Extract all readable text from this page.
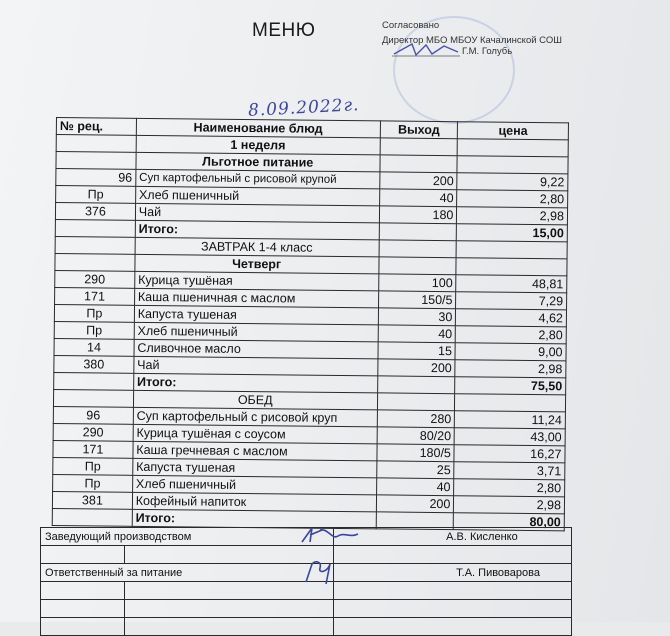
МЕНЮ	Согласовано
Директор МБО МБОУ Качалинской СОШ
Г.М. Голубь
8.09.2022г.
№ рец.	Наименование блюд	Выход	цена
	1 неделя		
	Льготное питание		
96	Суп картофельный с рисовой крупой	200	9,22
Пр	Хлеб пшеничный	40	2,80
376	Чай	180	2,98
	Итого:		15,00
	ЗАВТРАК 1-4 класс		
	Четверг		
290	Курица тушёная	100	48,81
171	Каша пшеничная с маслом	150/5	7,29
Пр	Капуста тушеная	30	4,62
Пр	Хлеб пшеничный	40	2,80
14	Сливочное масло	15	9,00
380	Чай	200	2,98
	Итого:		75,50
	ОБЕД		
96	Суп картофельный с рисовой круп	280	11,24
290	Курица тушёная с соусом	80/20	43,00
171	Каша гречневая с маслом	180/5	16,27
Пр	Капуста тушеная	25	3,71
Пр	Хлеб пшеничный	40	2,80
381	Кофейный напиток	200	2,98
	Итого:		80,00
Заведующий производством		А.В. Кисленко

Ответственный за питание		Т.А. Пивоварова
